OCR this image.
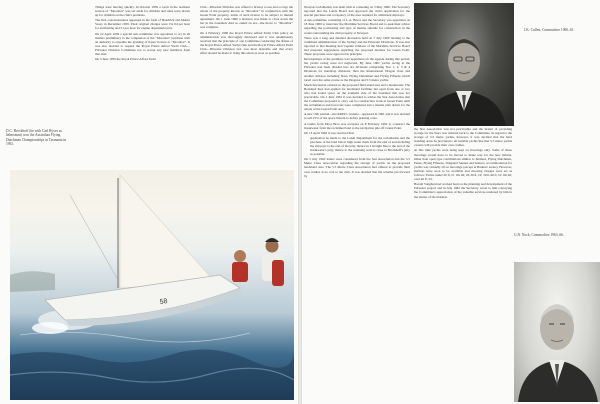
Things were moving quickly. In October 1959 a room in the northern section of “Moonbar” was set aside for children and rules were drawn up for children on the club's premises.

The first concessionaires appeared in the form of Hendrick and Martin Vesey in December 1959. Their original charges were 15s 0d per hour for antifouling and £1 per hour for engine department jobs.

On 22 April 1959 a special sub-committee was appointed to act in all matters preliminary to the completion of the “Moonbar” purchase with an authority to expedite the granting of liquor licence to “Moonbar”. It was also decided to request the Royal Prince Alfred Yacht Club—Pittwater Division Committee not to accept any new members from that date.

On 3 June 1959 the Royal Prince Alfred Yacht

Club—Pittwater Division was offered a licence to use and occupy the whole of the property known as “Moonbar” in conjunction with the Green Point property, terms of such licence to be subject to mutual agreement. On 1 June 1960 a decision was made to close down the bar in the boatshed. And so ended an era—the move to “Moonbar” was complete.

On 4 February 1960 the Royal Prince Alfred Yacht Club policy on administration was thoroughly discussed and it was unanimously resolved that the principle of one Committee conducting the affairs of the Royal Prince Alfred Yacht Club and the Royal Prince Alfred Yacht Club—Pittwater Division Ltd. was most desirable and that every effort should be made to bring this about as soon as possible.

D.C. Brockhoff (he with Carl Ryves as helmsman) won the Australian Flying Dutchman Championships in Tasmania in 1961.
58

Newport reclamation was dealt with at a meeting on 5 May 1960. The Secretary reported that the Lands Board had approved the club's application for the special purchase and occupancy of the area required for additional slipways.

A sub-committee consisting of L.A. Bruce and the Secretary was appointed on 18 June 1960 to interview the Maritime Services Board and to seek their advice regarding the positioning and type of marina suitable for construction in the waters surrounding the club property at Newport.

There was a long and detailed discussion held on 7 July 1960 relating to the combined administration of the Sydney and the Pittwater Divisions. It was also reported at that meeting that Captain Johnson of the Maritime Services Board had prepared suggestions regarding the proposed marinas for Green Point. These proposals were approved in principle.

Development of the premises was uppermost on the agenda during this period, but yachts racing were not neglected. By June 1961 yachts racing at the Pittwater had been divided into six divisions comprising Nos 1, 2, 3 & 4 Divisions for handicap divisions, then the International Dragon class and another division including Stars, Flying Dutchmen and Flying Fifteens which raced over the same course as the Dragons and 5.5 metre yachts.

Much discussion centred on the proposed field-stand area and a breakwater. The Boatshed then had applied for hardstand facilities but apart from one or two who had found space on the southern side of the boatshed this was not practicable. On 1 June 1961 it was decided to advise the Stat Association that the Committee proposed to carry out no construction work at Green Point until the reclamation and forecourt were completed and a marina plan drawn for the whole of the Green Point area.

A new club journal—the RPAYC Gazette—appeared in 1961 and it was decided to sell 25% of the space therein to defray printing costs.

A tender from Moor Bros was accepted on 8 February 1962 to construct the breakwater from the reclaimed land to the navigation pile off Green Point.

On 13 April 1962 it was resolved that:

application be made to the Lands Department for the reclamation and the purchase of the land below high water mark from the end of and including the slipways to the end of the jetty, thence in a straight line to the end of the breakwater's jetty, thence to the retaining wall as close to Brockhoff's jetty as possible.

On 5 July 1962 letters were considered from the Stat Association and the 5.5 Metre Class Association regarding the storage of yachts on the proposed hardstand area. The 5.5 Metre Class Association had offered to provide their own cradles at no cost to the club. It was decided that the scheme put forward by

the Stat Association was not practicable and the matter of providing storage for the Stars was referred back to the Committee. In regard to the storage of 5.5 metre yachts, however, it was decided that the hard standing areas be provided to all suitable yachts like that 5.5 metre yachts owners will provide their own cradles.

At this time yachts were being kept on moorings only. Some of those moorings would have to be moved to make way for the new marina. Other than open type contributions similar to Jubilees, Flying Dutchmen, Penes, Flying Fifteens, Vanguard Sennes and Juniors, accommodation for yachts was virtually all on moorings (except at Barkers' series). However, marinas were soon to be available and mooring charges were set as follows: Yachts under 20 ft, £1 10s 0d; 20‑30 ft, £2; 30 ft‑40 ft, £2 10s 0d; over 40 ft, £3.

Harold Vaughan had worked hard on the planning and development of the Pittwater project and in July 1962 the Secretary wrote to him conveying the Committee's appreciation of the valuable services rendered by him in the matter of the marinas.

J.K. Cullen, Commodore 1960–61.
G.N. Nock, Commodore 1963–66.
